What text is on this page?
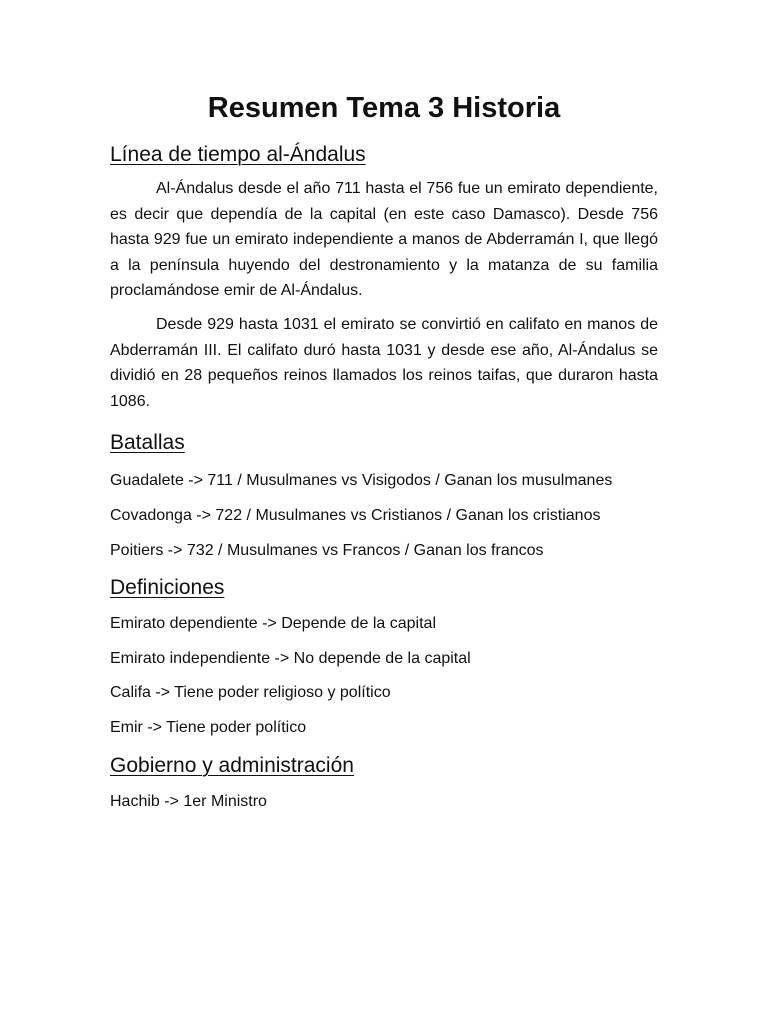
Resumen Tema 3 Historia
Línea de tiempo al-Ándalus

Al-Ándalus desde el año 711 hasta el 756 fue un emirato dependiente, es decir que dependía de la capital (en este caso Damasco). Desde 756 hasta 929 fue un emirato independiente a manos de Abderramán I, que llegó a la península huyendo del destronamiento y la matanza de su familia proclamándose emir de Al-Ándalus.

Desde 929 hasta 1031 el emirato se convirtió en califato en manos de Abderramán III. El califato duró hasta 1031 y desde ese año, Al-Ándalus se dividió en 28 pequeños reinos llamados los reinos taifas, que duraron hasta 1086.

Batallas

Guadalete -> 711 / Musulmanes vs Visigodos / Ganan los musulmanes

Covadonga -> 722 / Musulmanes vs Cristianos / Ganan los cristianos

Poitiers -> 732 / Musulmanes vs Francos / Ganan los francos

Definiciones

Emirato dependiente -> Depende de la capital

Emirato independiente -> No depende de la capital

Califa -> Tiene poder religioso y político

Emir -> Tiene poder político

Gobierno y administración

Hachib -> 1er Ministro
